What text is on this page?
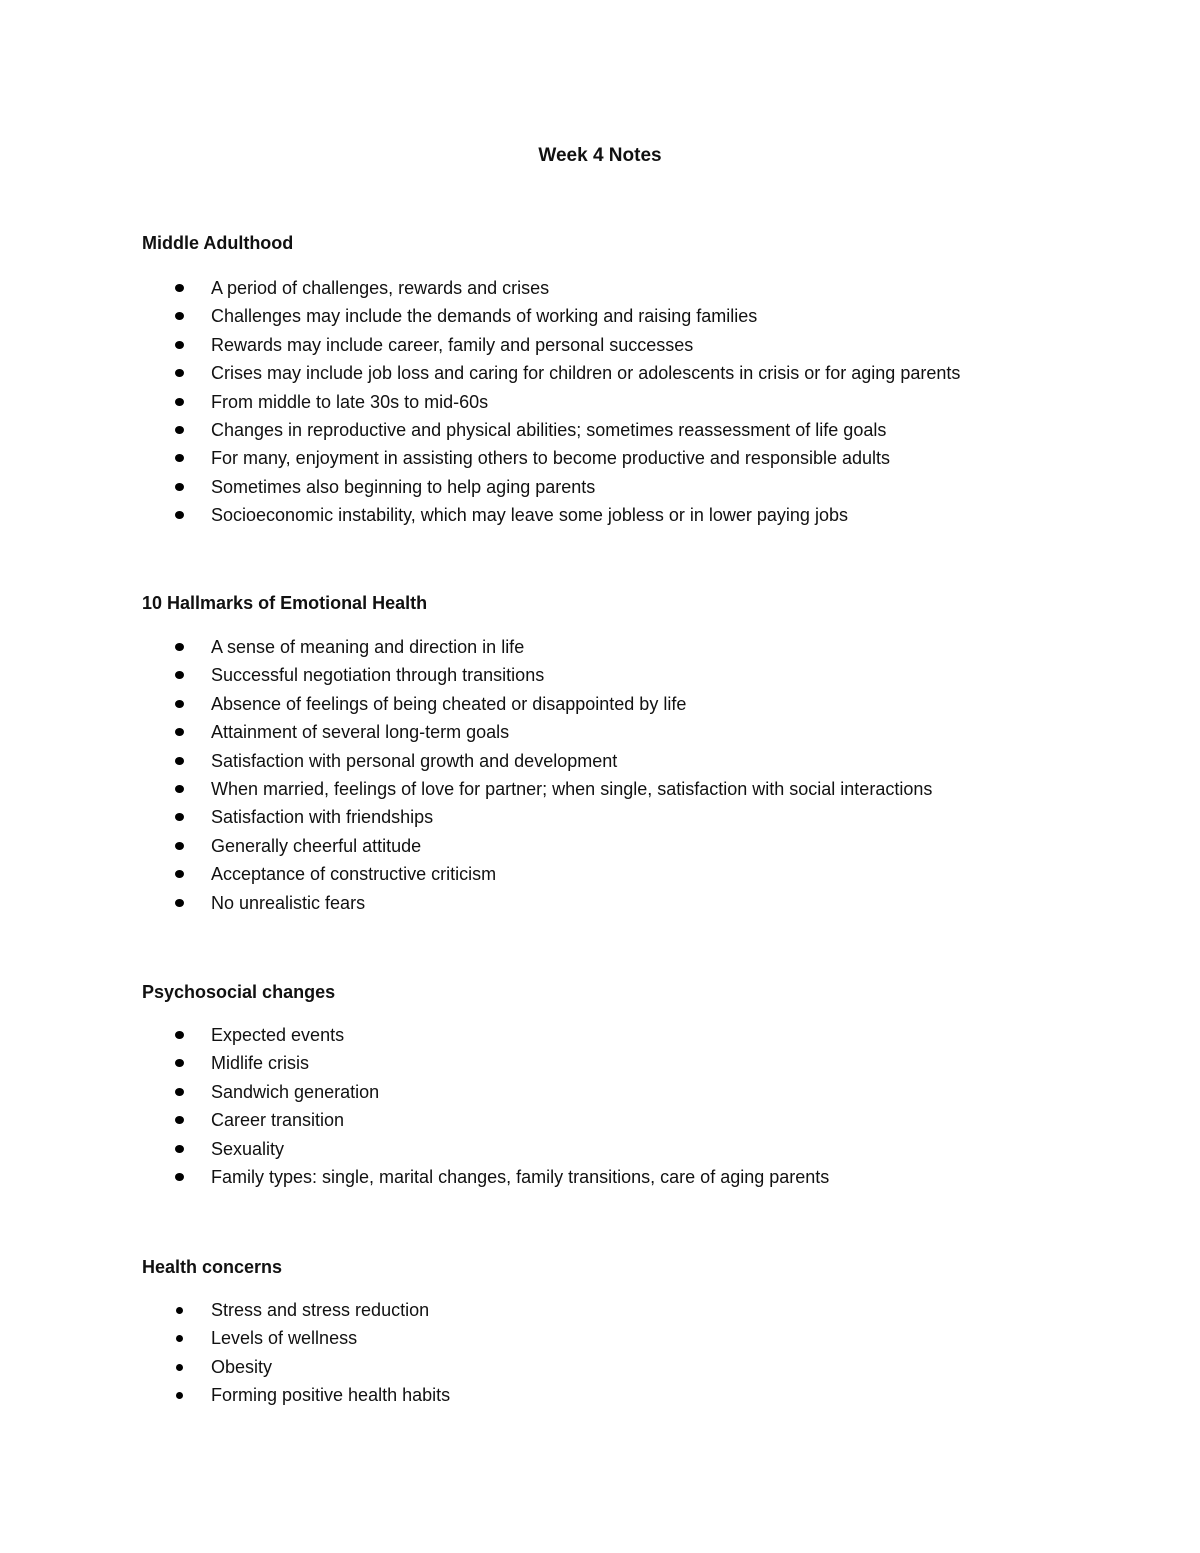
Week 4 Notes
Middle Adulthood
A period of challenges, rewards and crises
Challenges may include the demands of working and raising families
Rewards may include career, family and personal successes
Crises may include job loss and caring for children or adolescents in crisis or for aging parents
From middle to late 30s to mid-60s
Changes in reproductive and physical abilities; sometimes reassessment of life goals
For many, enjoyment in assisting others to become productive and responsible adults
Sometimes also beginning to help aging parents
Socioeconomic instability, which may leave some jobless or in lower paying jobs
10 Hallmarks of Emotional Health
A sense of meaning and direction in life
Successful negotiation through transitions
Absence of feelings of being cheated or disappointed by life
Attainment of several long-term goals
Satisfaction with personal growth and development
When married, feelings of love for partner; when single, satisfaction with social interactions
Satisfaction with friendships
Generally cheerful attitude
Acceptance of constructive criticism
No unrealistic fears
Psychosocial changes
Expected events
Midlife crisis
Sandwich generation
Career transition
Sexuality
Family types: single, marital changes, family transitions, care of aging parents
Health concerns
Stress and stress reduction
Levels of wellness
Obesity
Forming positive health habits
